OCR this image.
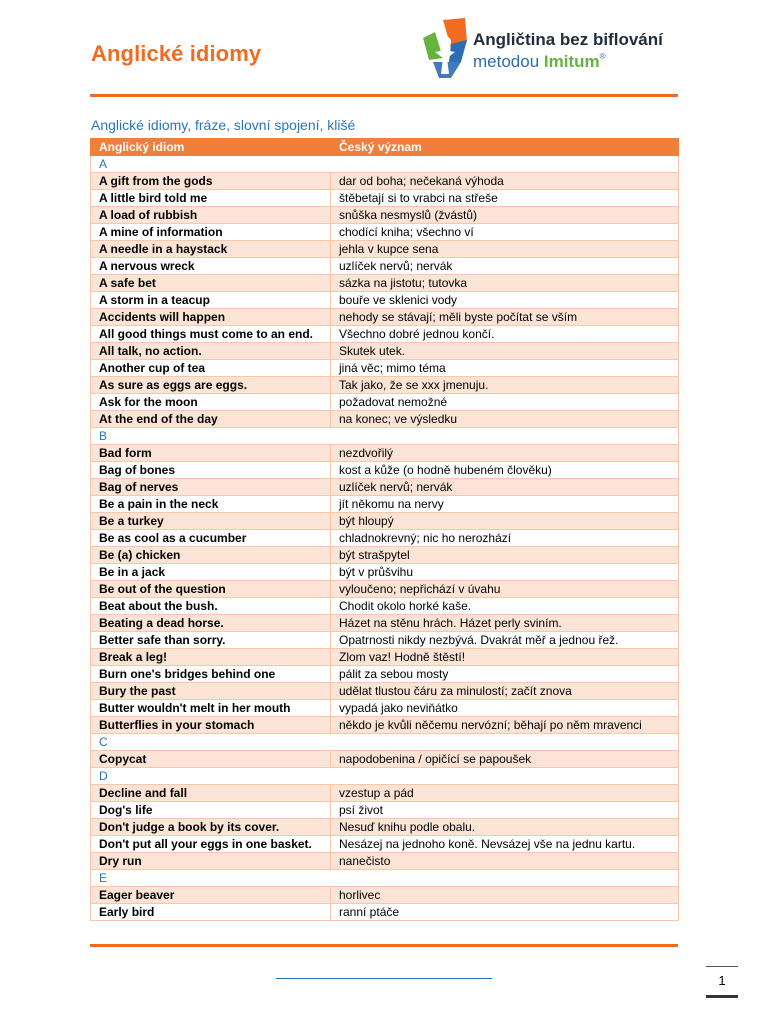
Anglické idiomy
Angličtina bez biflování
metodou Imitum®
Anglické idiomy, fráze, slovní spojení, klišé
Anglický idiom	Český význam
A	
A gift from the gods	dar od boha; nečekaná výhoda
A little bird told me	štěbetají si to vrabci na střeše
A load of rubbish	snůška nesmyslů (žvástů)
A mine of information	chodící kniha; všechno ví
A needle in a haystack	jehla v kupce sena
A nervous wreck	uzlíček nervů; nervák
A safe bet	sázka na jistotu; tutovka
A storm in a teacup	bouře ve sklenici vody
Accidents will happen	nehody se stávají; měli byste počítat se vším
All good things must come to an end.	Všechno dobré jednou končí.
All talk, no action.	Skutek utek.
Another cup of tea	jiná věc; mimo téma
As sure as eggs are eggs.	Tak jako, že se xxx jmenuju.
Ask for the moon	požadovat nemožné
At the end of the day	na konec; ve výsledku
B	
Bad form	nezdvořilý
Bag of bones	kost a kůže (o hodně hubeném člověku)
Bag of nerves	uzlíček nervů; nervák
Be a pain in the neck	jít někomu na nervy
Be a turkey	být hloupý
Be as cool as a cucumber	chladnokrevný; nic ho nerozhází
Be (a) chicken	být strašpytel
Be in a jack	být v průšvihu
Be out of the question	vyloučeno; nepřichází v úvahu
Beat about the bush.	Chodit okolo horké kaše.
Beating a dead horse.	Házet na stěnu hrách. Házet perly sviním.
Better safe than sorry.	Opatrnosti nikdy nezbývá. Dvakrát měř a jednou řež.
Break a leg!	Zlom vaz! Hodně štěstí!
Burn one's bridges behind one	pálit za sebou mosty
Bury the past	udělat tlustou čáru za minulostí; začít znova
Butter wouldn't melt in her mouth	vypadá jako neviňátko
Butterflies in your stomach	někdo je kvůli něčemu nervózní; běhají po něm mravenci
C	
Copycat	napodobenina / opičící se papoušek
D	
Decline and fall	vzestup a pád
Dog's life	psí život
Don't judge a book by its cover.	Nesuď knihu podle obalu.
Don't put all your eggs in one basket.	Nesázej na jednoho koně. Nevsázej vše na jednu kartu.
Dry run	nanečisto
E	
Eager beaver	horlivec
Early bird	ranní ptáče
1
